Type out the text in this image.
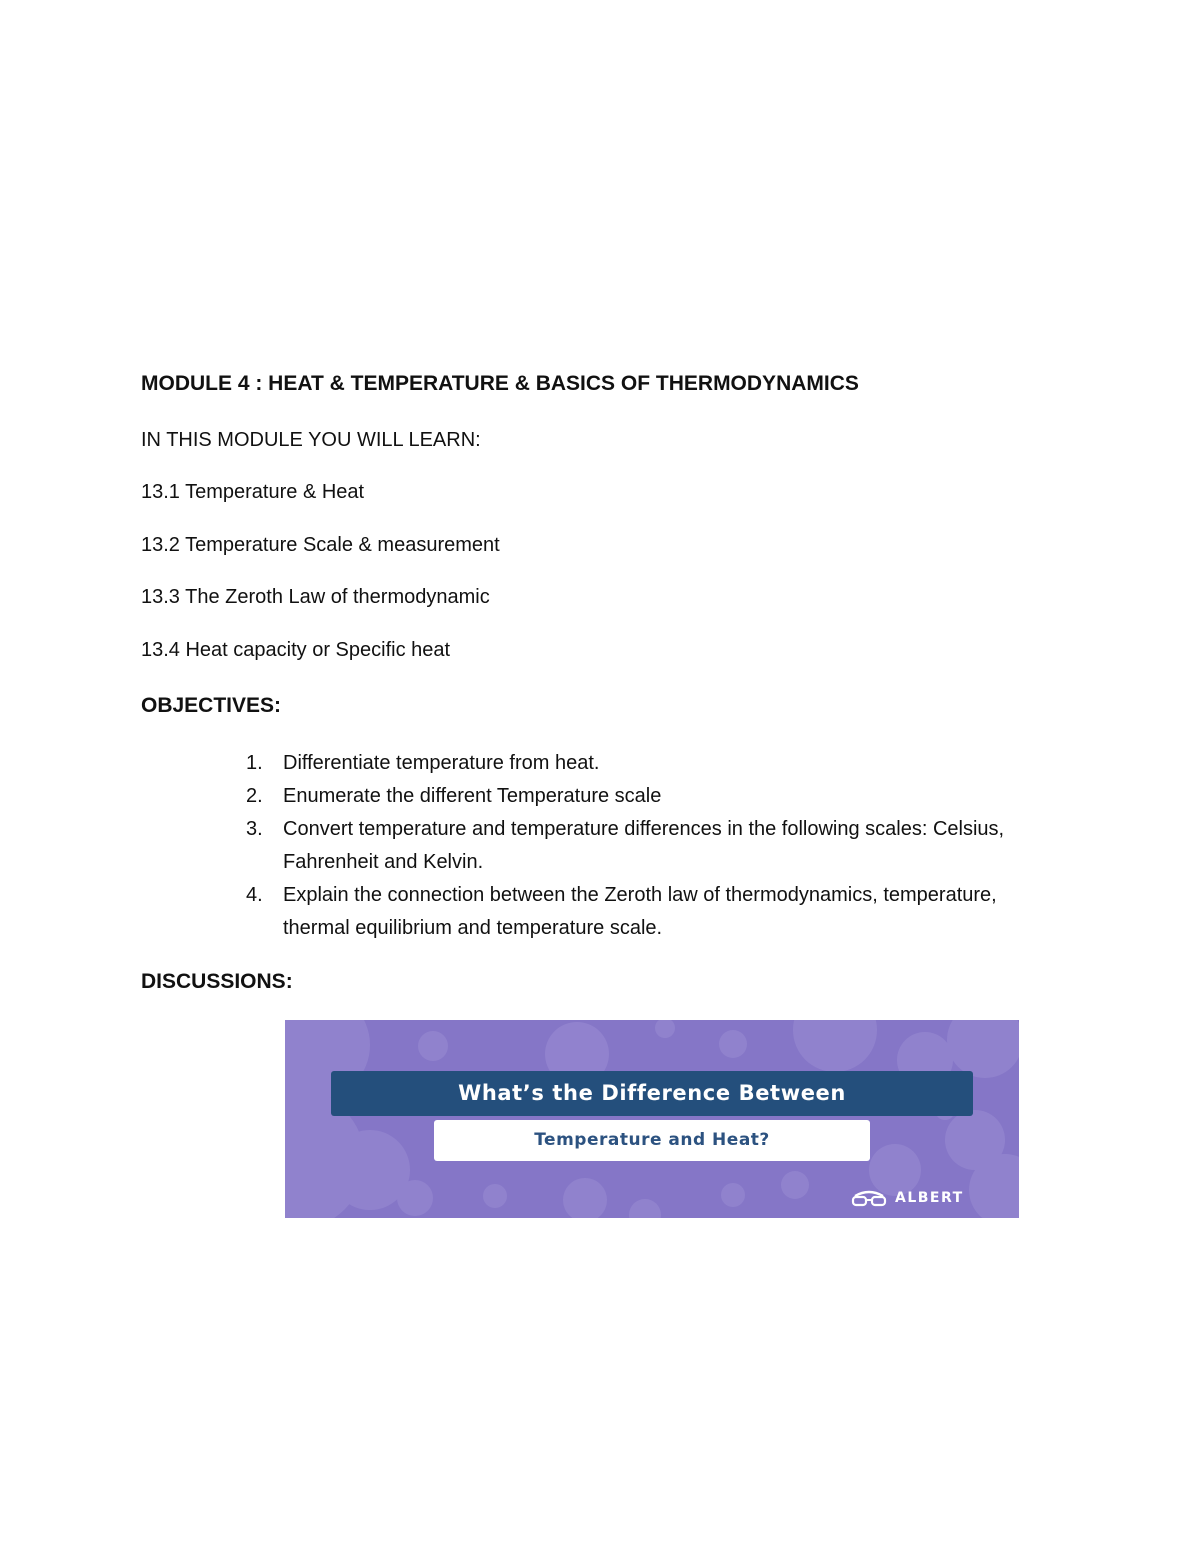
MODULE 4 : HEAT & TEMPERATURE & BASICS OF THERMODYNAMICS
IN THIS MODULE YOU WILL LEARN:
13.1 Temperature & Heat
13.2 Temperature Scale & measurement
13.3 The Zeroth Law of thermodynamic
13.4 Heat capacity or Specific heat
OBJECTIVES:
1. Differentiate temperature from heat.
2. Enumerate the different Temperature scale
3. Convert temperature and temperature differences in the following scales: Celsius, Fahrenheit and Kelvin.
4. Explain the connection between the Zeroth law of thermodynamics, temperature, thermal equilibrium and temperature scale.
DISCUSSIONS:
What’s the Difference Between
Temperature and Heat?
ALBERT
